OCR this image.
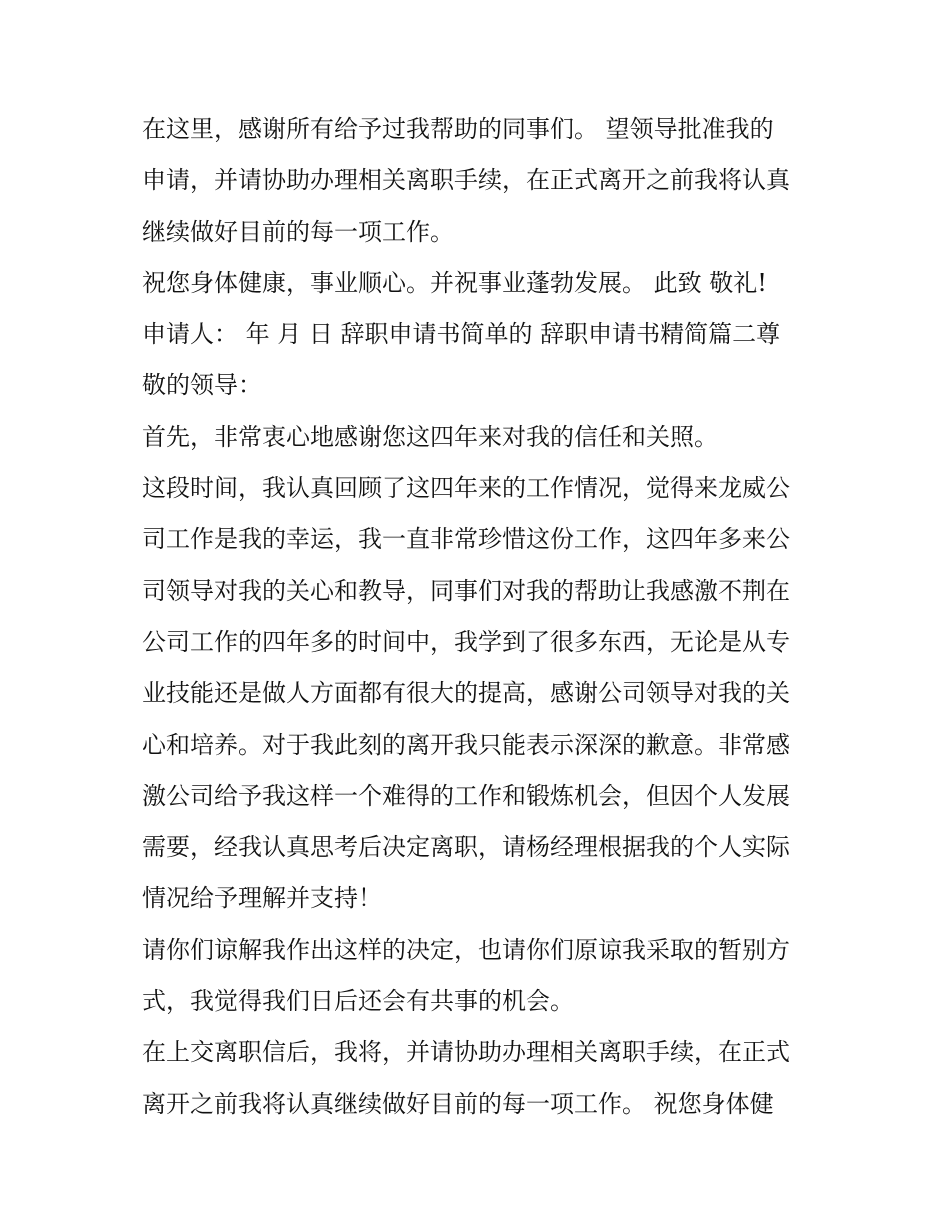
在这里，感谢所有给予过我帮助的同事们。 望领导批准我的
申请，并请协助办理相关离职手续，在正式离开之前我将认真
继续做好目前的每一项工作。
祝您身体健康，事业顺心。并祝事业蓬勃发展。 此致 敬礼!
申请人： 年 月 日 辞职申请书简单的 辞职申请书精简篇二尊
敬的领导：
首先，非常衷心地感谢您这四年来对我的信任和关照。
这段时间，我认真回顾了这四年来的工作情况，觉得来龙威公
司工作是我的幸运，我一直非常珍惜这份工作，这四年多来公
司领导对我的关心和教导，同事们对我的帮助让我感激不荆在
公司工作的四年多的时间中，我学到了很多东西，无论是从专
业技能还是做人方面都有很大的提高，感谢公司领导对我的关
心和培养。对于我此刻的离开我只能表示深深的歉意。非常感
激公司给予我这样一个难得的工作和锻炼机会，但因个人发展
需要，经我认真思考后决定离职，请杨经理根据我的个人实际
情况给予理解并支持！
请你们谅解我作出这样的决定，也请你们原谅我采取的暂别方
式，我觉得我们日后还会有共事的机会。
在上交离职信后，我将，并请协助办理相关离职手续，在正式
离开之前我将认真继续做好目前的每一项工作。 祝您身体健
